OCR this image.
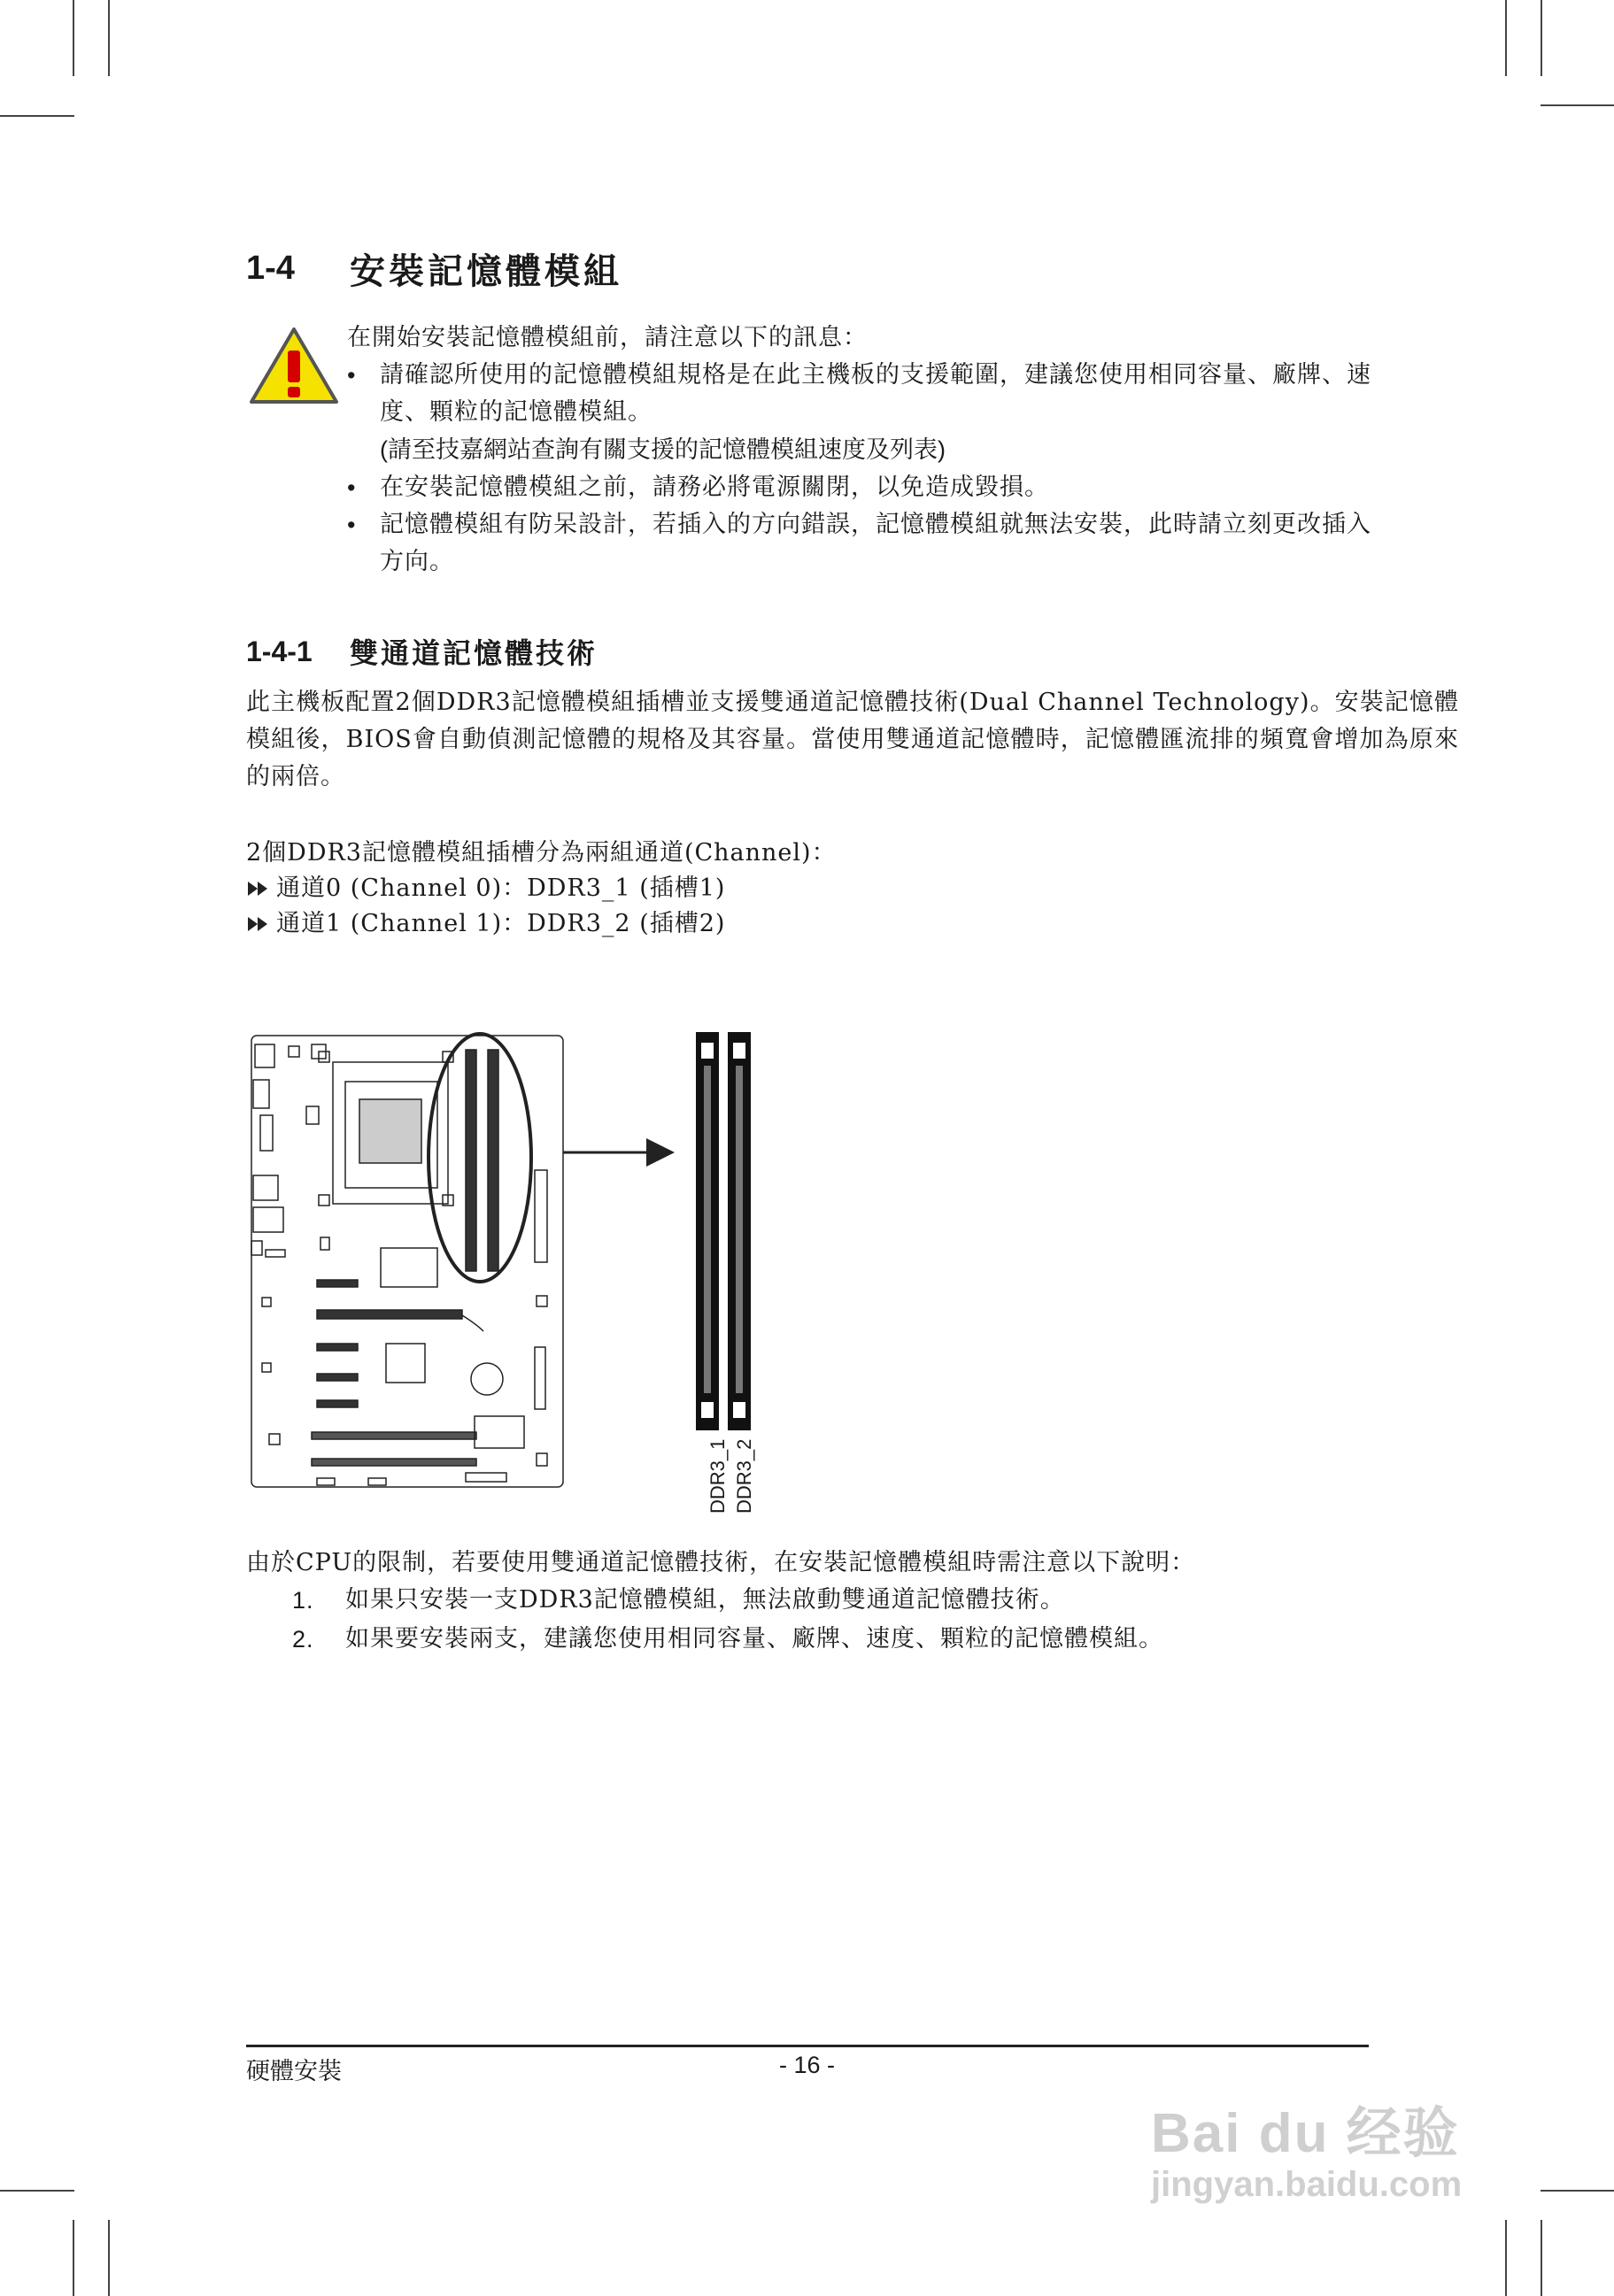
1-4	安裝記憶體模組

在開始安裝記憶體模組前，請注意以下的訊息：

• 請確認所使用的記憶體模組規格是在此主機板的支援範圍，建議您使用相同容量、廠牌、速度、顆粒的記憶體模組。
(請至技嘉網站查詢有關支援的記憶體模組速度及列表)

• 在安裝記憶體模組之前，請務必將電源關閉，以免造成毀損。

• 記憶體模組有防呆設計，若插入的方向錯誤，記憶體模組就無法安裝，此時請立刻更改插入方向。

1-4-1	雙通道記憶體技術
此主機板配置2個DDR3記憶體模組插槽並支援雙通道記憶體技術(Dual Channel Technology)。安裝記憶體模組後，BIOS會自動偵測記憶體的規格及其容量。當使用雙通道記憶體時，記憶體匯流排的頻寬會增加為原來的兩倍。
2個DDR3記憶體模組插槽分為兩組通道(Channel)：
通道0 (Channel 0)：DDR3_1 (插槽1)
通道1 (Channel 1)：DDR3_2 (插槽2)
DDR3_1 DDR3_2
由於CPU的限制，若要使用雙通道記憶體技術，在安裝記憶體模組時需注意以下說明：
1.	如果只安裝一支DDR3記憶體模組，無法啟動雙通道記憶體技術。
2.	如果要安裝兩支，建議您使用相同容量、廠牌、速度、顆粒的記憶體模組。
硬體安裝	- 16 -
Bai du 经验
jingyan.baidu.com
